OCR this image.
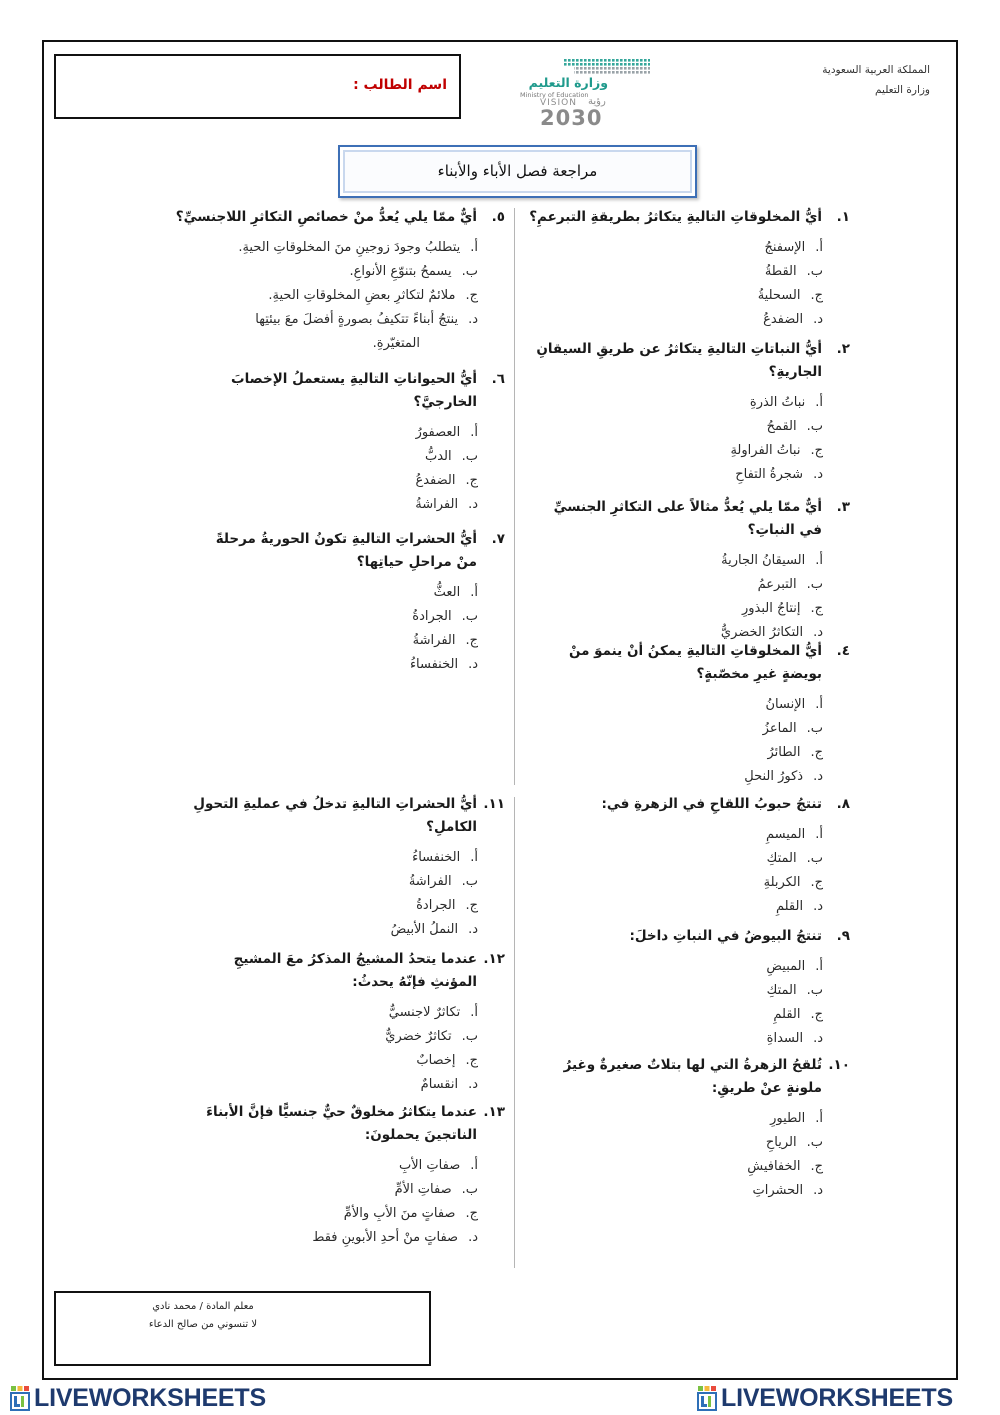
المملكة العربية السعودية
وزارة التعليم
وزارة التعليم
Ministry of Education
VISION رؤية
2030
اسم الطالب :
مراجعة فصل الأباء والأبناء
١.
أيُّ المخلوقاتِ التاليةِ يتكاثرُ بطريقةِ التبرعمِ؟
أ.الإسفنجُ
ب.القطةُ
ج.السحليةُ
د.الضفدعُ
٢.
أيُّ النباتاتِ التاليةِ يتكاثرُ عن طريقِ السيقانِ
الجاريةِ؟
أ.نباتُ الذرةِ
ب.القمحُ
ج.نباتُ الفراولةِ
د.شجرةُ التفاحِ
٣.
أيٌّ ممّا يلي يُعدُّ مثالاً على التكاثرِ الجنسيِّ
في النباتِ؟
أ.السيقانُ الجاريةُ
ب.التبرعمُ
ج.إنتاجُ البذورِ
د.التكاثرُ الخضريُّ
٤.
أيُّ المخلوقاتِ التاليةِ يمكنُ أنْ ينموَ منْ
بويضةٍ غيرِ مخصّبةٍ؟
أ.الإنسانُ
ب.الماعزُ
ج.الطائرُ
د.ذكورُ النحلِ
٥.
أيٌّ ممّا يلي يُعدُّ منْ خصائصِ التكاثرِ اللاجنسيِّ؟
أ.يتطلبُ وجودَ زوجينِ منَ المخلوقاتِ الحيةِ.
ب.يسمحُ بتنوّعِ الأنواعِ.
ج.ملائمٌ لتكاثرِ بعضِ المخلوقاتِ الحيةِ.
د.ينتجُ أبناءً تتكيفُ بصورةٍ أفضلَ معَ بيئتِها
المتغيّرةِ.
٦.
أيُّ الحيواناتِ التاليةِ يستعملُ الإخصابَ
الخارجيَّ؟
أ.العصفورُ
ب.الدبُّ
ج.الضفدعُ
د.الفراشةُ
٧.
أيُّ الحشراتِ التاليةِ تكونُ الحوريةُ مرحلةً
منْ مراحلِ حياتِها؟
أ.العثُّ
ب.الجرادةُ
ج.الفراشةُ
د.الخنفساءُ
٨.
تنتجُ حبوبُ اللقاحِ في الزهرةِ في:
أ.الميسمِ
ب.المتكِ
ج.الكربلةِ
د.القلمِ
٩.
تنتجُ البيوضُ في النباتِ داخلَ:
أ.المبيضِ
ب.المتكِ
ج.القلمِ
د.السداةِ
١٠.
تُلقحُ الزهرةُ التي لها بتلاتٌ صغيرةٌ وغيرُ
ملونةٍ عنْ طريقِ:
أ.الطيورِ
ب.الرياحِ
ج.الخفافيشِ
د.الحشراتِ
١١.
أيُّ الحشراتِ التاليةِ تدخلُ في عمليةِ التحولِ
الكاملِ؟
أ.الخنفساءُ
ب.الفراشةُ
ج.الجرادةُ
د.النملُ الأبيضُ
١٢.
عندما يتحدُ المشيجُ المذكرُ معَ المشيجِ
المؤنثِ فإنّهُ يحدثُ:
أ.تكاثرٌ لاجنسيٌّ
ب.تكاثرٌ خضريٌّ
ج.إخصابٌ
د.انقسامٌ
١٣.
عندما يتكاثرُ مخلوقٌ حيٌّ جنسيًّا فإنَّ الأبناءَ
الناتجينَ يحملونَ:
أ.صفاتِ الأبِ
ب.صفاتِ الأمِّ
ج.صفاتٍ منَ الأبِ والأمِّ
د.صفاتٍ منْ أحدِ الأبوينِ فقط
معلم المادة / محمد نادي
لا تنسوني من صالح الدعاء
LIVEWORKSHEETS	LIVEWORKSHEETS
